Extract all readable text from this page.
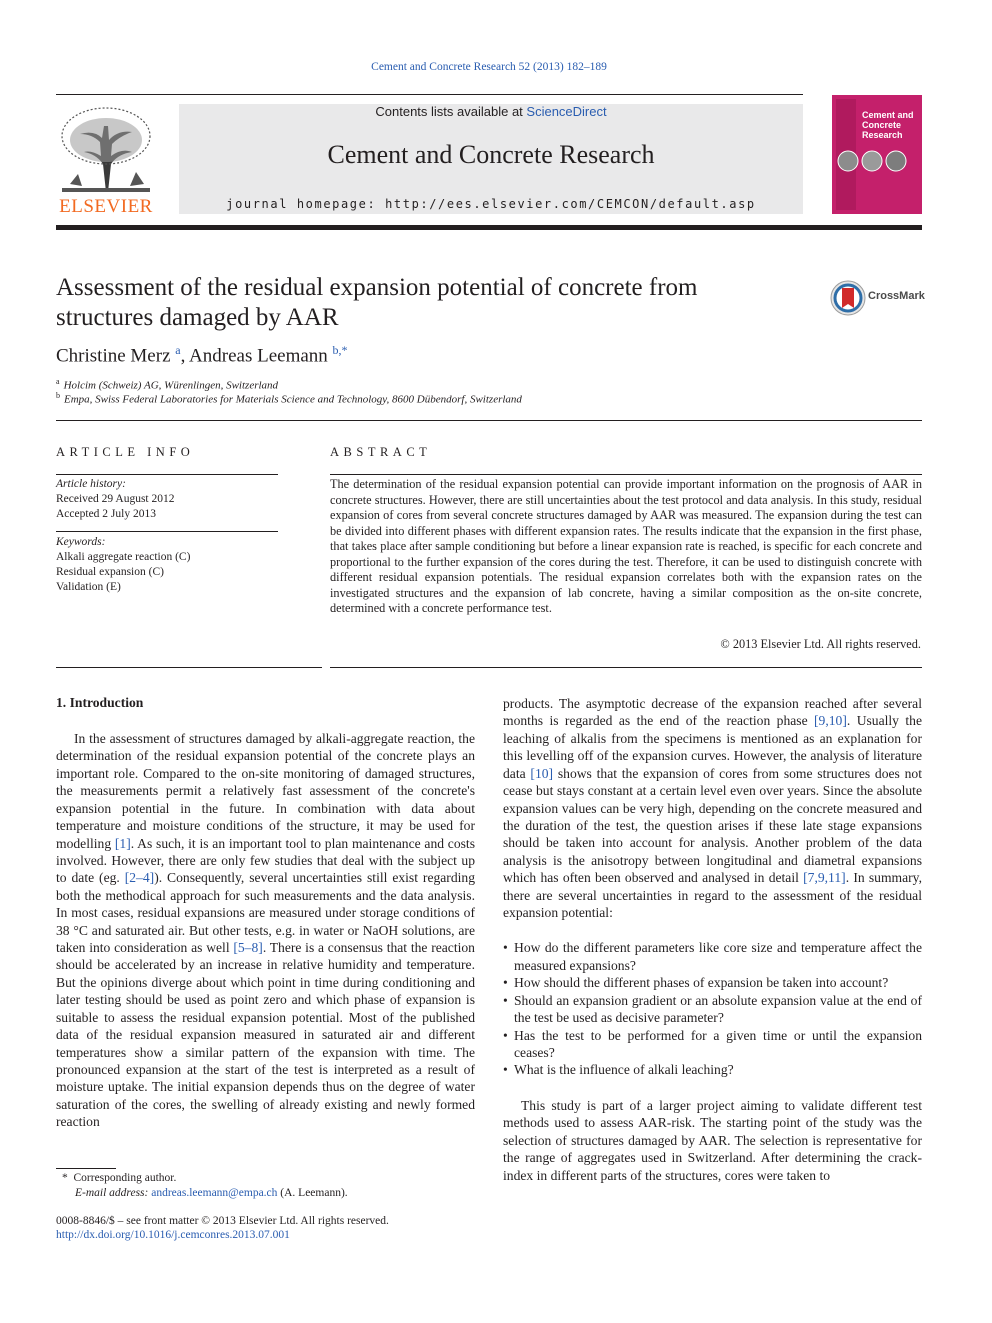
Cement and Concrete Research 52 (2013) 182–189
ELSEVIER
Contents lists available at ScienceDirect
Cement and Concrete Research
journal homepage: http://ees.elsevier.com/CEMCON/default.asp
Cement and Concrete Research
Assessment of the residual expansion potential of concrete from structures damaged by AAR
CrossMark
Christine Merz $^a$, Andreas Leemann $^{b,*}$
$^a$ Holcim (Schweiz) AG, Würenlingen, Switzerland
$^b$ Empa, Swiss Federal Laboratories for Materials Science and Technology, 8600 Dübendorf, Switzerland
ARTICLE INFO
Article history:
Received 29 August 2012
Accepted 2 July 2013
Keywords:
Alkali aggregate reaction (C)
Residual expansion (C)
Validation (E)
ABSTRACT
The determination of the residual expansion potential can provide important information on the prognosis of AAR in concrete structures. However, there are still uncertainties about the test protocol and data analysis. In this study, residual expansion of cores from several concrete structures damaged by AAR was measured. The expansion during the test can be divided into different phases with different expansion rates. The results indicate that the expansion in the first phase, that takes place after sample conditioning but before a linear expansion rate is reached, is specific for each concrete and proportional to the further expansion of the cores during the test. Therefore, it can be used to distinguish concrete with different residual expansion potentials. The residual expansion correlates both with the expansion rates on the investigated structures and the expansion of lab concrete, having a similar composition as the on-site concrete, determined with a concrete performance test.
© 2013 Elsevier Ltd. All rights reserved.
1. Introduction
In the assessment of structures damaged by alkali-aggregate reaction, the determination of the residual expansion potential of the concrete plays an important role. Compared to the on-site monitoring of damaged structures, the measurements permit a relatively fast assessment of the concrete's expansion potential in the future. In combination with data about temperature and moisture conditions of the structure, it may be used for modelling [1]. As such, it is an important tool to plan maintenance and costs involved. However, there are only few studies that deal with the subject up to date (eg. [2–4]). Consequently, several uncertainties still exist regarding both the methodical approach for such measurements and the data analysis. In most cases, residual expansions are measured under storage conditions of 38 °C and saturated air. But other tests, e.g. in water or NaOH solutions, are taken into consideration as well [5–8]. There is a consensus that the reaction should be accelerated by an increase in relative humidity and temperature. But the opinions diverge about which point in time during conditioning and later testing should be used as point zero and which phase of expansion is suitable to assess the residual expansion potential. Most of the published data of the residual expansion measured in saturated air and different temperatures show a similar pattern of the expansion with time. The pronounced expansion at the start of the test is interpreted as a result of moisture uptake. The initial expansion depends thus on the degree of water saturation of the cores, the swelling of already existing and newly formed reaction
products. The asymptotic decrease of the expansion reached after several months is regarded as the end of the reaction phase [9,10]. Usually the leaching of alkalis from the specimens is mentioned as an explanation for this levelling off of the expansion curves. However, the analysis of literature data [10] shows that the expansion of cores from some structures does not cease but stays constant at a certain level even over years. Since the absolute expansion values can be very high, depending on the concrete measured and the duration of the test, the question arises if these late stage expansions should be taken into account for analysis. Another problem of the data analysis is the anisotropy between longitudinal and diametral expansions which has often been observed and analysed in detail [7,9,11]. In summary, there are several uncertainties in regard to the assessment of the residual expansion potential:
• How do the different parameters like core size and temperature affect the measured expansions?
• How should the different phases of expansion be taken into account?
• Should an expansion gradient or an absolute expansion value at the end of the test be used as decisive parameter?
• Has the test to be performed for a given time or until the expansion ceases?
• What is the influence of alkali leaching?
This study is part of a larger project aiming to validate different test methods used to assess AAR-risk. The starting point of the study was the selection of structures damaged by AAR. The selection is representative for the range of aggregates used in Switzerland. After determining the crack-index in different parts of the structures, cores were taken to
* Corresponding author.
E-mail address: andreas.leemann@empa.ch (A. Leemann).
0008-8846/$ – see front matter © 2013 Elsevier Ltd. All rights reserved.
http://dx.doi.org/10.1016/j.cemconres.2013.07.001
